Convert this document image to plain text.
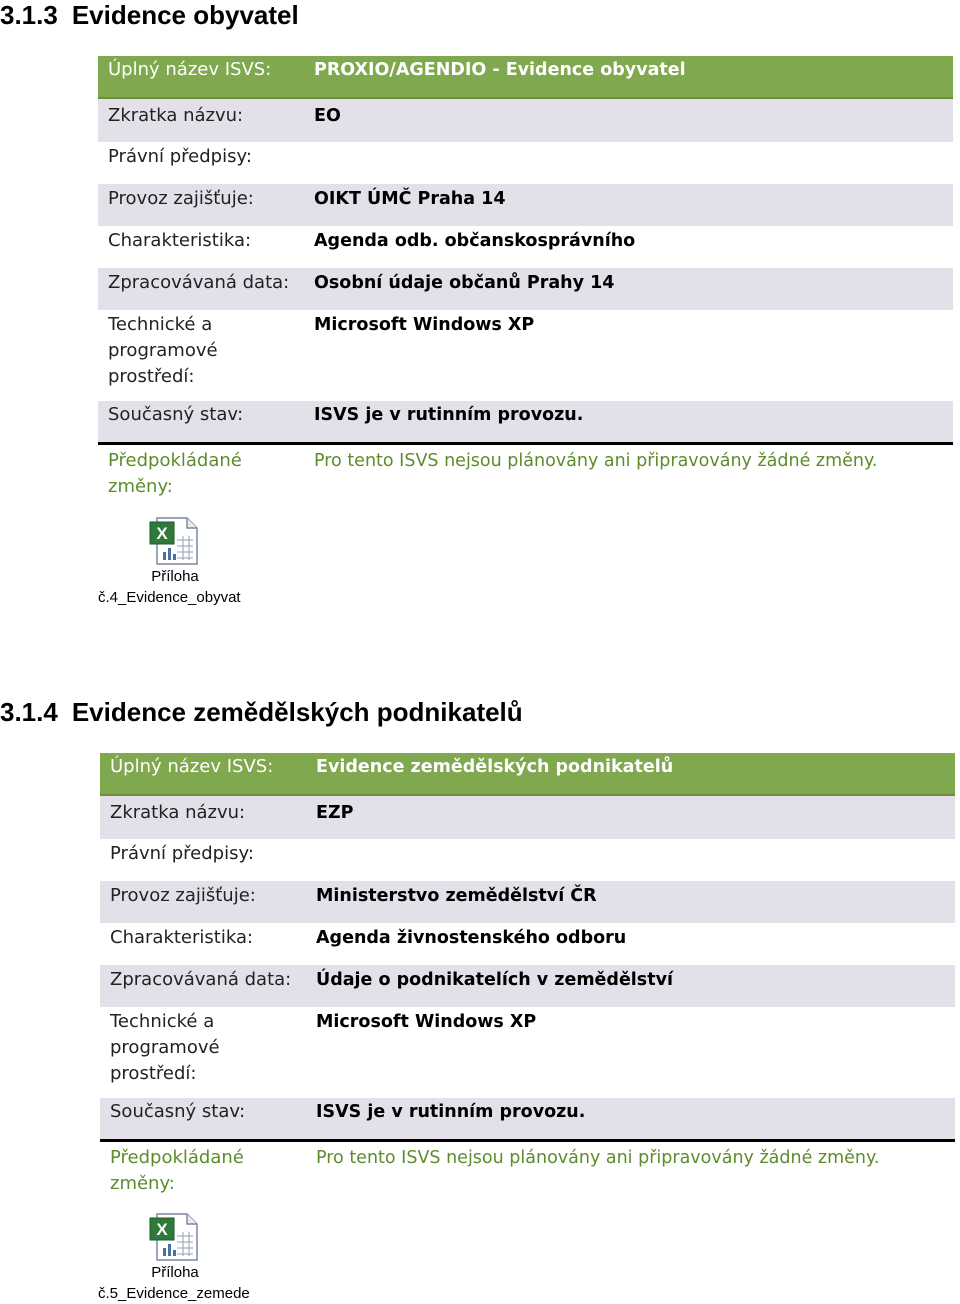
3.1.3 Evidence obyvatel
Úplný název ISVS:	PROXIO/AGENDIO - Evidence obyvatel
Zkratka názvu:	EO
Právní předpisy:
Provoz zajišťuje:	OIKT ÚMČ Praha 14
Charakteristika:	Agenda odb. občanskosprávního
Zpracovávaná data:	Osobní údaje občanů Prahy 14
Technické a programové prostředí:
Microsoft Windows XP
Současný stav:	ISVS je v rutinním provozu.
Předpokládané změny:
Pro tento ISVS nejsou plánovány ani připravovány žádné změny.
X
Příloha
č.4_Evidence_obyvat
3.1.4 Evidence zemědělských podnikatelů
Úplný název ISVS:	Evidence zemědělských podnikatelů
Zkratka názvu:	EZP
Právní předpisy:
Provoz zajišťuje:	Ministerstvo zemědělství ČR
Charakteristika:	Agenda živnostenského odboru
Zpracovávaná data:	Údaje o podnikatelích v zemědělství
Technické a programové prostředí:
Microsoft Windows XP
Současný stav:	ISVS je v rutinním provozu.
Předpokládané změny:
Pro tento ISVS nejsou plánovány ani připravovány žádné změny.
X
Příloha
č.5_Evidence_zemede
